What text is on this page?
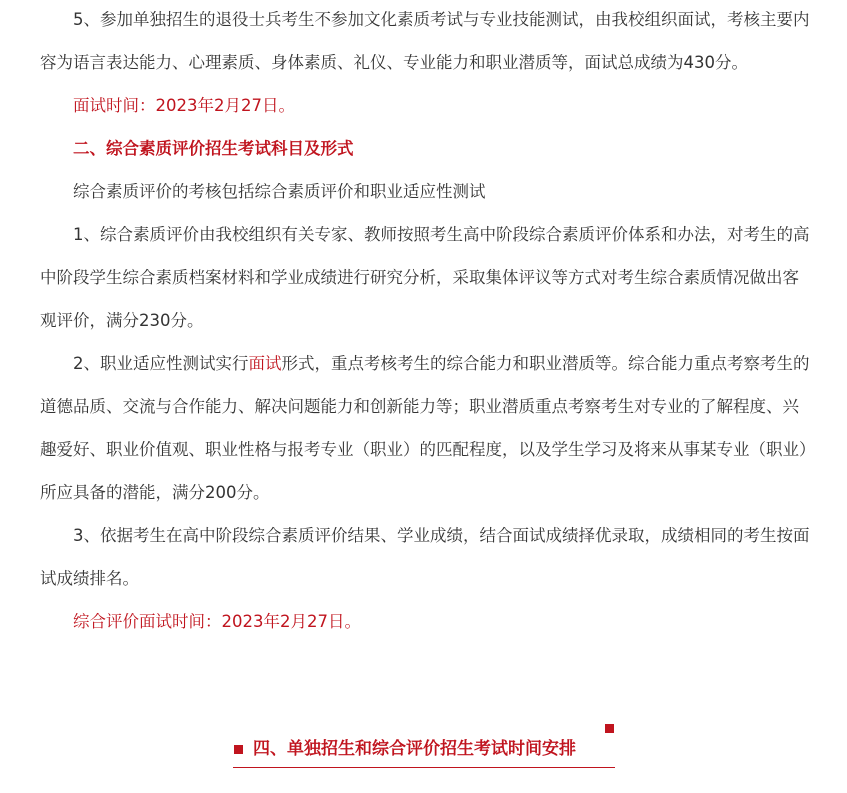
5、参加单独招生的退役士兵考生不参加文化素质考试与专业技能测试，由我校组织面试，考核主要内容为语言表达能力、心理素质、身体素质、礼仪、专业能力和职业潜质等，面试总成绩为430分。

面试时间：2023年2月27日。

二、综合素质评价招生考试科目及形式

综合素质评价的考核包括综合素质评价和职业适应性测试

1、综合素质评价由我校组织有关专家、教师按照考生高中阶段综合素质评价体系和办法，对考生的高中阶段学生综合素质档案材料和学业成绩进行研究分析，采取集体评议等方式对考生综合素质情况做出客观评价，满分230分。

2、职业适应性测试实行面试形式，重点考核考生的综合能力和职业潜质等。综合能力重点考察考生的道德品质、交流与合作能力、解决问题能力和创新能力等；职业潜质重点考察考生对专业的了解程度、兴趣爱好、职业价值观、职业性格与报考专业（职业）的匹配程度，以及学生学习及将来从事某专业（职业）所应具备的潜能，满分200分。

3、依据考生在高中阶段综合素质评价结果、学业成绩，结合面试成绩择优录取，成绩相同的考生按面试成绩排名。

综合评价面试时间：2023年2月27日。

四、单独招生和综合评价招生考试时间安排
